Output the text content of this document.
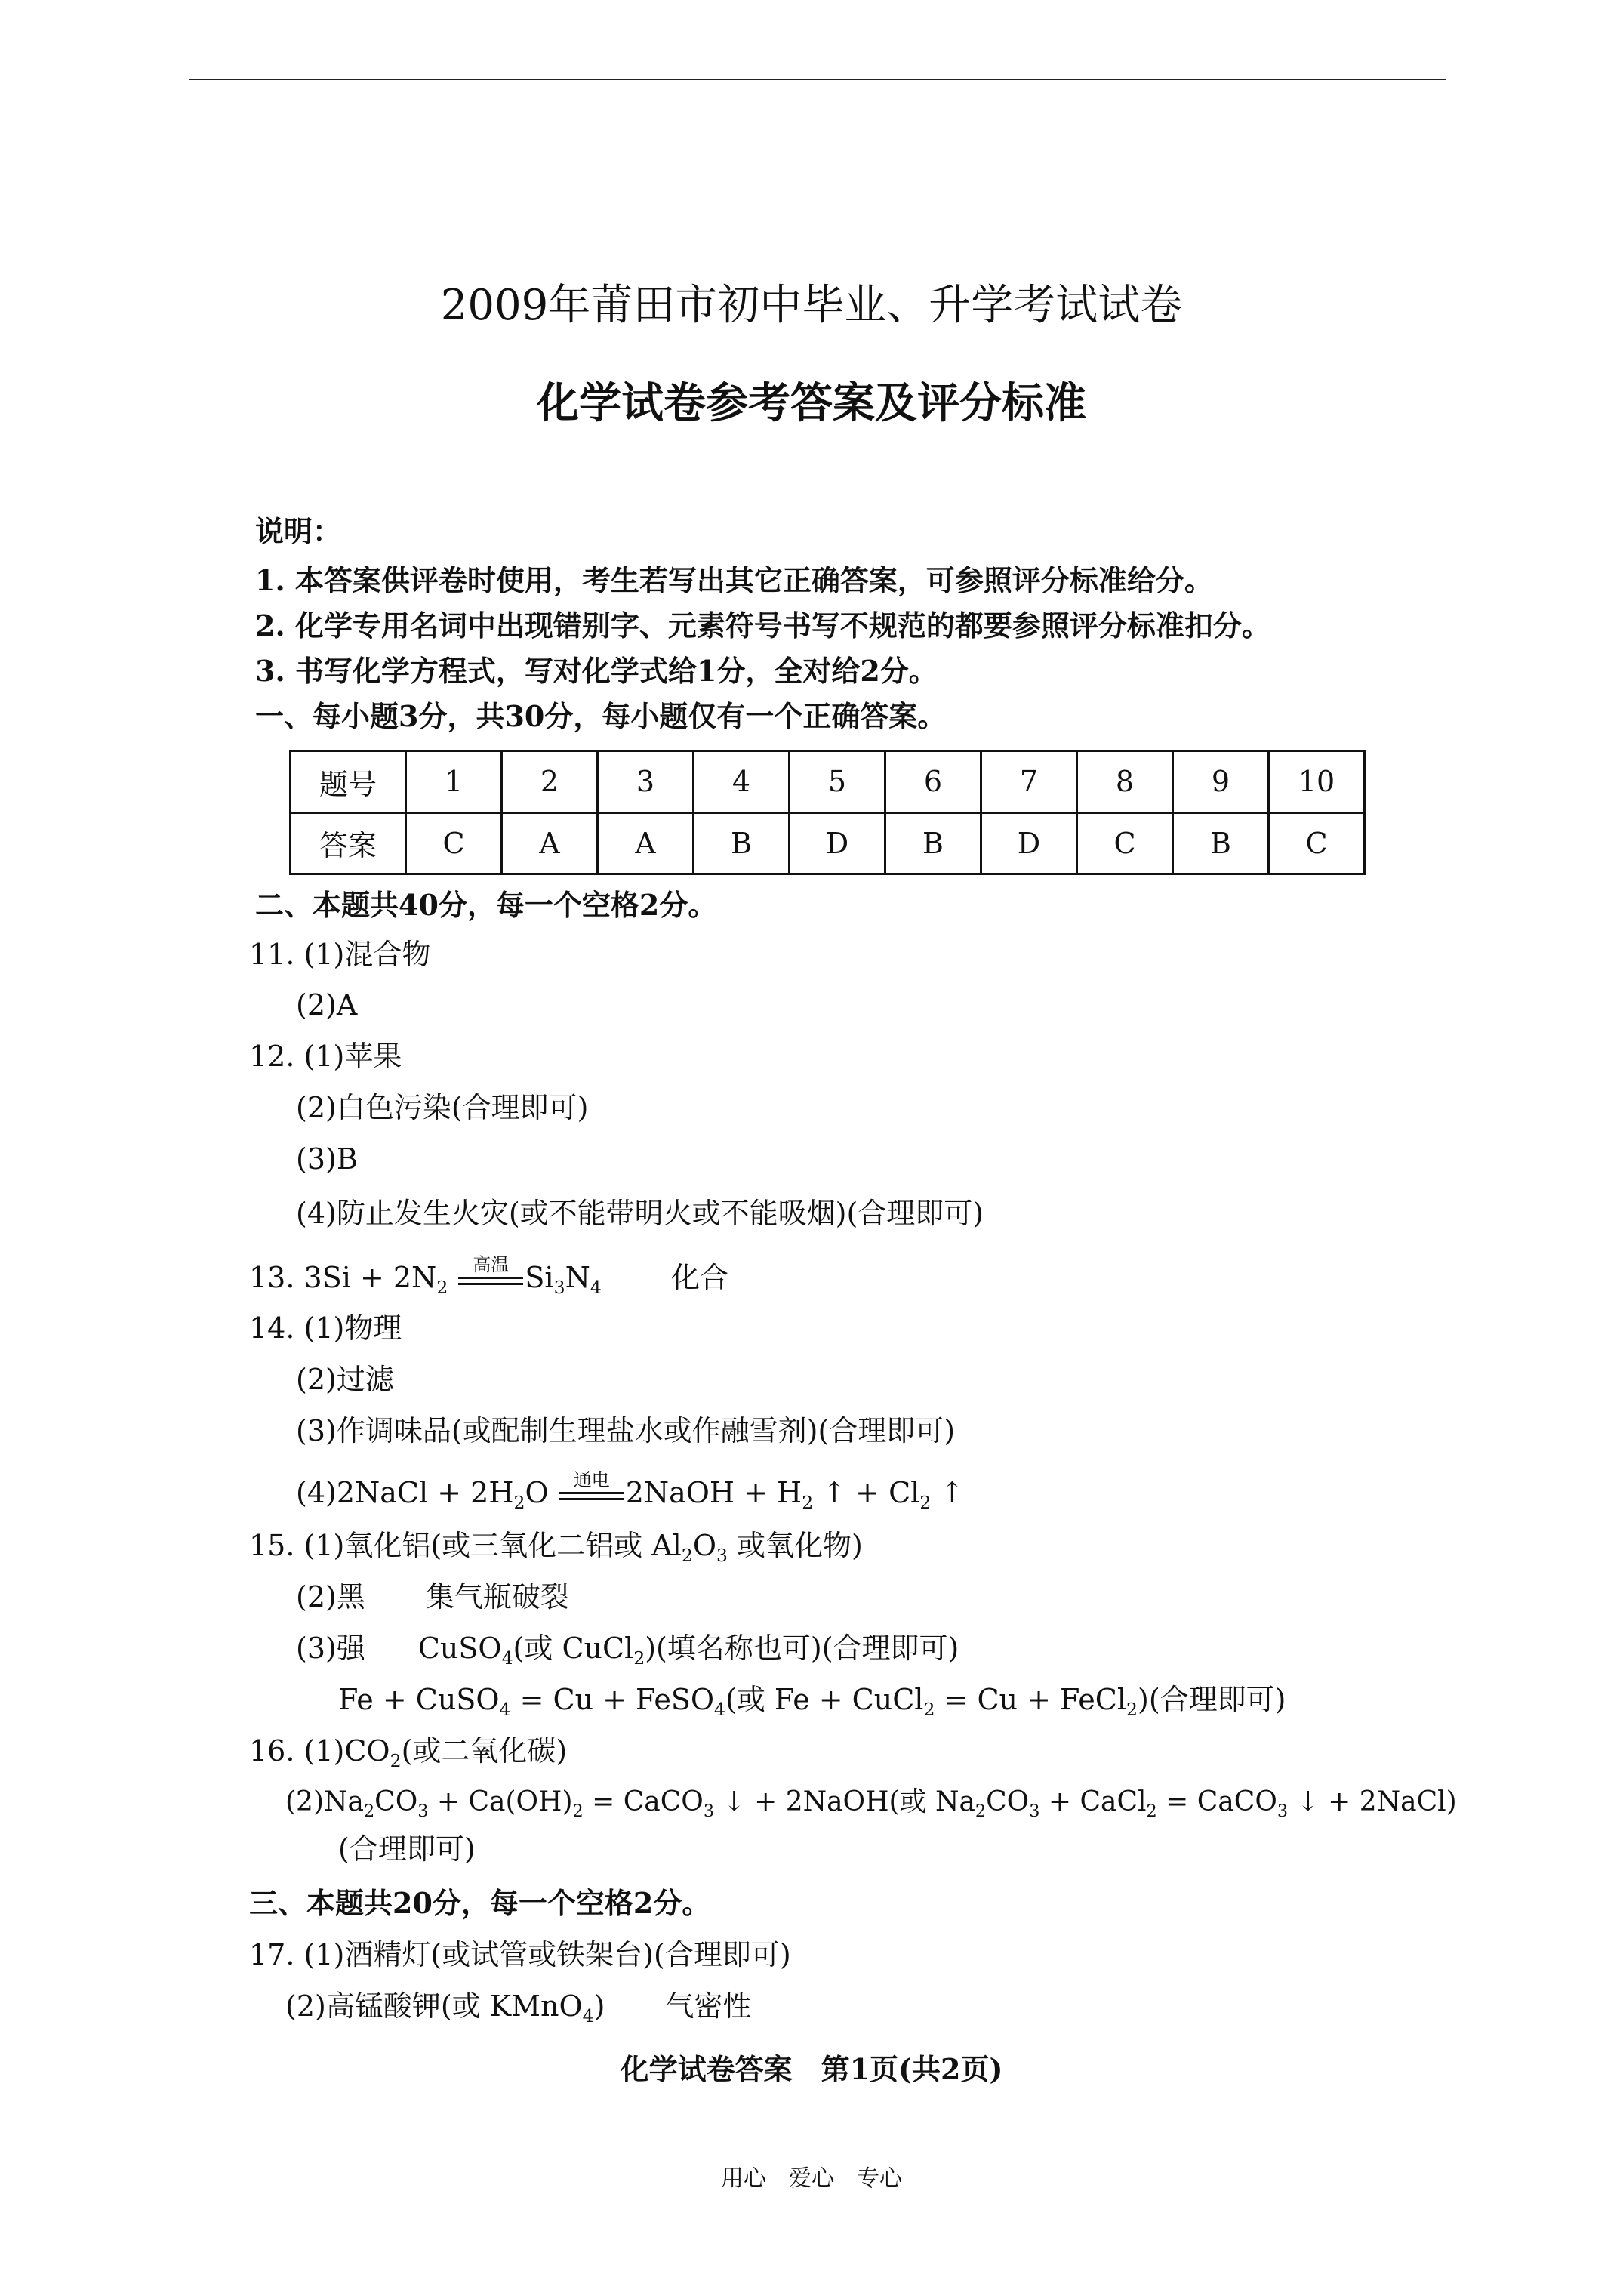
2009年莆田市初中毕业、升学考试试卷
化学试卷参考答案及评分标准
说明：
1. 本答案供评卷时使用，考生若写出其它正确答案，可参照评分标准给分。
2. 化学专用名词中出现错别字、元素符号书写不规范的都要参照评分标准扣分。
3. 书写化学方程式，写对化学式给1分，全对给2分。
一、每小题3分，共30分，每小题仅有一个正确答案。
题号	1	2	3	4	5	6	7	8	9	10
答案	C	A	A	B	D	B	D	C	B	C
二、本题共40分，每一个空格2分。
11. (1)混合物
(2)A
12. (1)苹果
(2)白色污染(合理即可)
(3)B
(4)防止发生火灾(或不能带明火或不能吸烟)(合理即可)
13. $3Si + 2N_2$
高温 $Si_3N_4$ 化合
14. (1)物理
(2)过滤
(3)作调味品(或配制生理盐水或作融雪剂)(合理即可)
(4)2NaCl + $2H_2O$	通电 2NaOH + $H_2$ ↑ + $Cl_2$ ↑
15. (1)氧化铝(或三氧化二铝或 $Al_2O_3$ 或氧化物)
(2)黑 集气瓶破裂
(3)强 CuSO$_4$(或 CuCl$_2$)(填名称也可)(合理即可)
Fe + CuSO$_4$ = Cu + FeSO$_4$(或 Fe + CuCl$_2$ = Cu + FeCl$_2$)(合理即可)
16. $(1)CO_2$(或二氧化碳)
$(2)Na_2CO_3 + Ca(OH)_2$ = CaCO$_3$ ↓ + 2NaOH(或 $Na_2CO_3$ + CaCl$_2$ = CaCO$_3$ ↓ + 2NaCl)
(合理即可)
三、本题共20分，每一个空格2分。
17. (1)酒精灯(或试管或铁架台)(合理即可)
(2)高锰酸钾(或 KMnO$_4$) 气密性
化学试卷答案　第1页(共2页)
用心　爱心　专心
